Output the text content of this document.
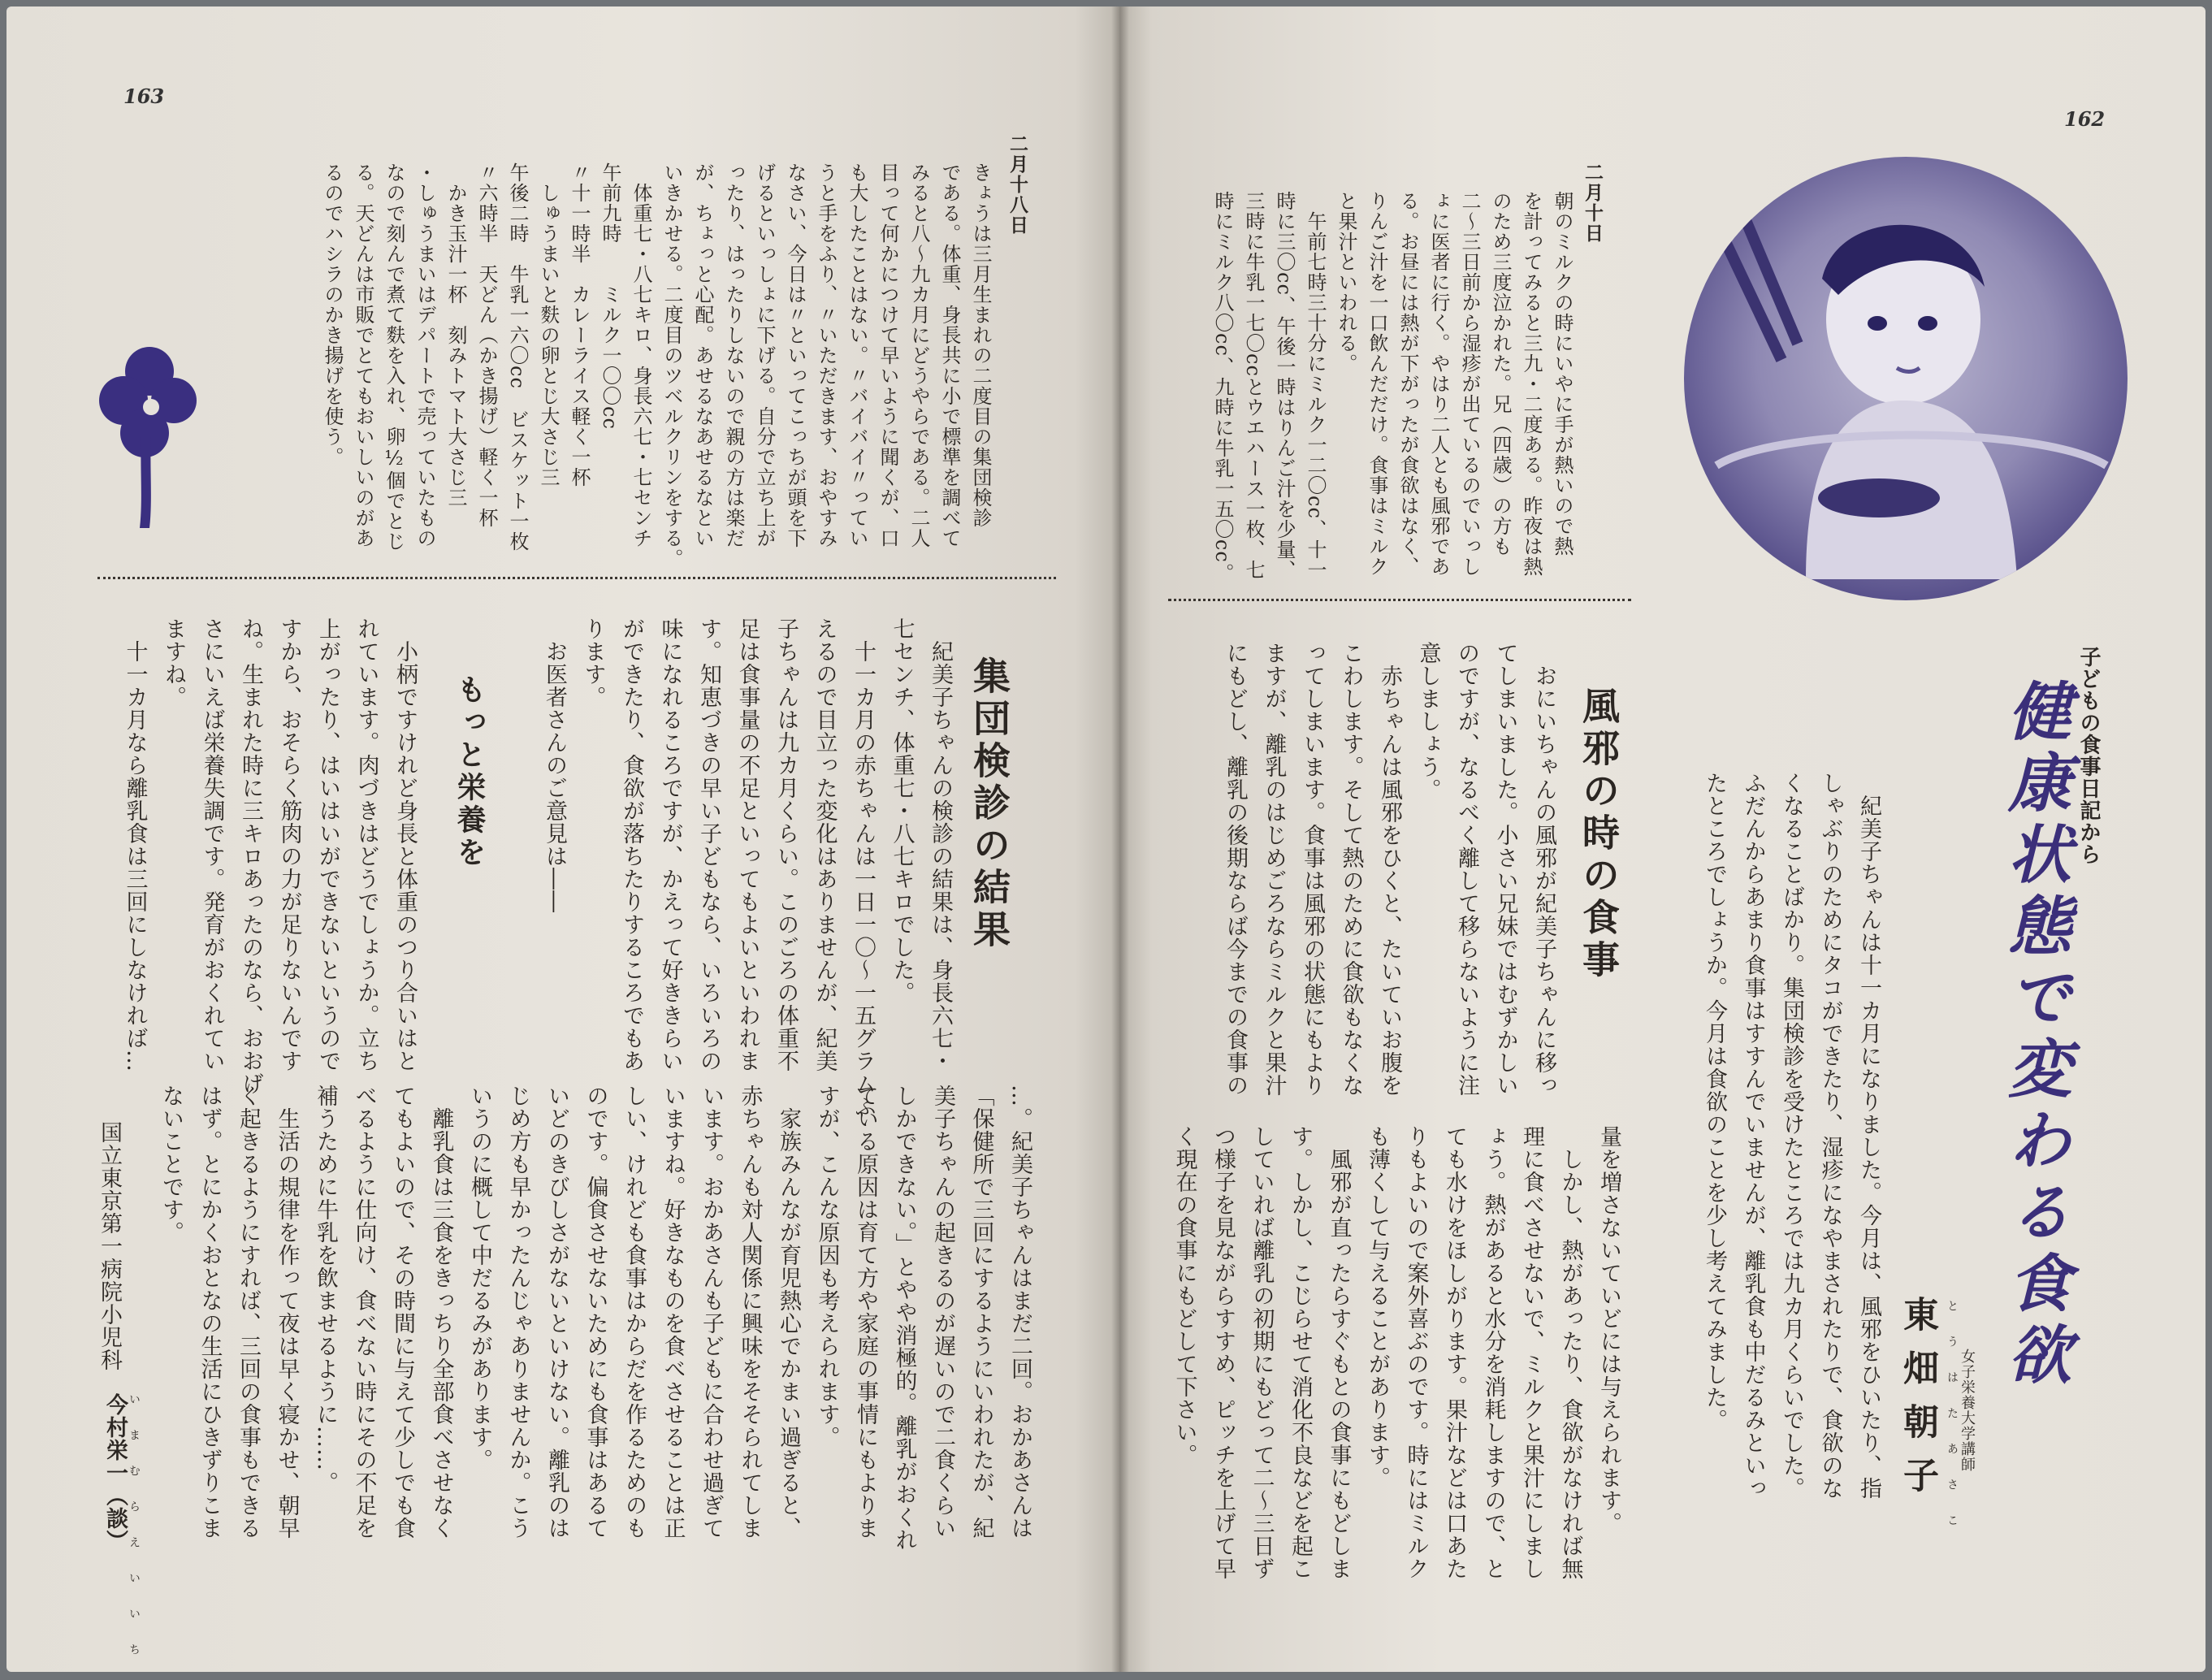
163
二月十八日
きょうは三月生まれの二度目の集団検診
である。体重、身長共に小で標準を調べて
みると八〜九カ月にどうやらである。二人
目って何かにつけて早いように聞くが、口
も大したことはない。〃バイバイ〃ってい
うと手をふり、〃いただきます、おやすみ
なさい、今日は〃といってこっちが頭を下
げるといっしょに下げる。自分で立ち上が
ったり、はったりしないので親の方は楽だ
が、ちょっと心配。あせるなあせるなとい
いきかせる。二度目のツベルクリンをする。
　体重七・八七キロ、身長六七・七センチ
午前九時　　ミルク一〇〇cc
〃十一時半　カレーライス軽く一杯
　しゅうまいと麩の卵とじ大さじ三
午後二時　牛乳一六〇cc　ビスケット一枚
〃六時半　天どん（かき揚げ）軽く一杯
　かき玉汁一杯　刻みトマト大さじ三
・しゅうまいはデパートで売っていたもの
なので刻んで煮て麩を入れ、卵½個でとじ
る。天どんは市販でとてもおいしいのがあ
るのでハシラのかき揚げを使う。
集団検診の結果
　紀美子ちゃんの検診の結果は、身長六七・
七センチ、体重七・八七キロでした。
　十一カ月の赤ちゃんは一日一〇〜一五グラムふ
えるので目立った変化はありませんが、紀美
子ちゃんは九カ月くらい。このごろの体重不
足は食事量の不足といってもよいといわれま
す。知恵づきの早い子どもなら、いろいろの
味になれるころですが、かえって好ききらい
ができたり、食欲が落ちたりするころでもあ
ります。
　お医者さんのご意見は――
もっと栄養を
　小柄ですけれど身長と体重のつり合いはと
れています。肉づきはどうでしょうか。立ち
上がったり、はいはいができないというので
すから、おそらく筋肉の力が足りないんです
ね。生まれた時に三キロあったのなら、おおげ
さにいえば栄養失調です。発育がおくれてい
ますね。
　十一カ月なら離乳食は三回にしなければ…
…。紀美子ちゃんはまだ二回。おかあさんは
「保健所で三回にするようにいわれたが、紀
美子ちゃんの起きるのが遅いので二食くらい
しかできない。」とやや消極的。離乳がおくれ
ている原因は育て方や家庭の事情にもよりま
すが、こんな原因も考えられます。
　家族みんなが育児熱心でかまい過ぎると、
赤ちゃんも対人関係に興味をそそられてしま
います。おかあさんも子どもに合わせ過ぎて
いますね。好きなものを食べさせることは正
しい、けれども食事はからだを作るためのも
のです。偏食させないためにも食事はあるて
いどのきびしさがないといけない。離乳のは
じめ方も早かったんじゃありませんか。こう
いうのに概して中だるみがあります。
　離乳食は三食をきっちり全部食べさせなく
てもよいので、その時間に与えて少しでも食
べるように仕向け、食べない時にその不足を
補うために牛乳を飲ませるように……。
　生活の規律を作って夜は早く寝かせ、朝早
く起きるようにすれば、三回の食事もできる
はず。とにかくおとなの生活にひきずりこま
ないことです。
国立東京第一病院小児科
いまむらえいいち
今村栄一（談）
162
二月十日
朝のミルクの時にいやに手が熱いので熱
を計ってみると三九・二度ある。昨夜は熱
のため三度泣かれた。兄（四歳）の方も
二〜三日前から湿疹が出ているのでいっし
ょに医者に行く。やはり二人とも風邪であ
る。お昼には熱が下がったが食欲はなく、
りんご汁を一口飲んだだけ。食事はミルク
と果汁といわれる。
　午前七時三十分にミルク一二〇cc、十一
時に三〇cc、午後一時はりんご汁を少量、
三時に牛乳一七〇ccとウエハース一枚、七
時にミルク八〇cc、九時に牛乳一五〇cc。
子どもの食事日記から
健康状態で変わる食欲
東畑朝子 とうはたあさこ 女子栄養大学講師
　紀美子ちゃんは十一カ月になりました。今月は、風邪をひいたり、指
しゃぶりのためにタコができたり、湿疹になやまされたりで、食欲のな
くなることばかり。集団検診を受けたところでは九カ月くらいでした。
ふだんからあまり食事はすすんでいませんが、離乳食も中だるみといっ
たところでしょうか。今月は食欲のことを少し考えてみました。
風邪の時の食事
　おにいちゃんの風邪が紀美子ちゃんに移っ
てしまいました。小さい兄妹ではむずかしい
のですが、なるべく離して移らないように注
意しましょう。
　赤ちゃんは風邪をひくと、たいていお腹を
こわします。そして熱のために食欲もなくな
ってしまいます。食事は風邪の状態にもより
ますが、離乳のはじめごろならミルクと果汁
にもどし、離乳の後期ならば今までの食事の
量を増さないていどには与えられます。
　しかし、熱があったり、食欲がなければ無
理に食べさせないで、ミルクと果汁にしまし
ょう。熱があると水分を消耗しますので、と
ても水けをほしがります。果汁などは口あた
りもよいので案外喜ぶのです。時にはミルク
も薄くして与えることがあります。
　風邪が直ったらすぐもとの食事にもどしま
す。しかし、こじらせて消化不良などを起こ
していれば離乳の初期にもどって二〜三日ず
つ様子を見ながらすすめ、ピッチを上げて早
く現在の食事にもどして下さい。
